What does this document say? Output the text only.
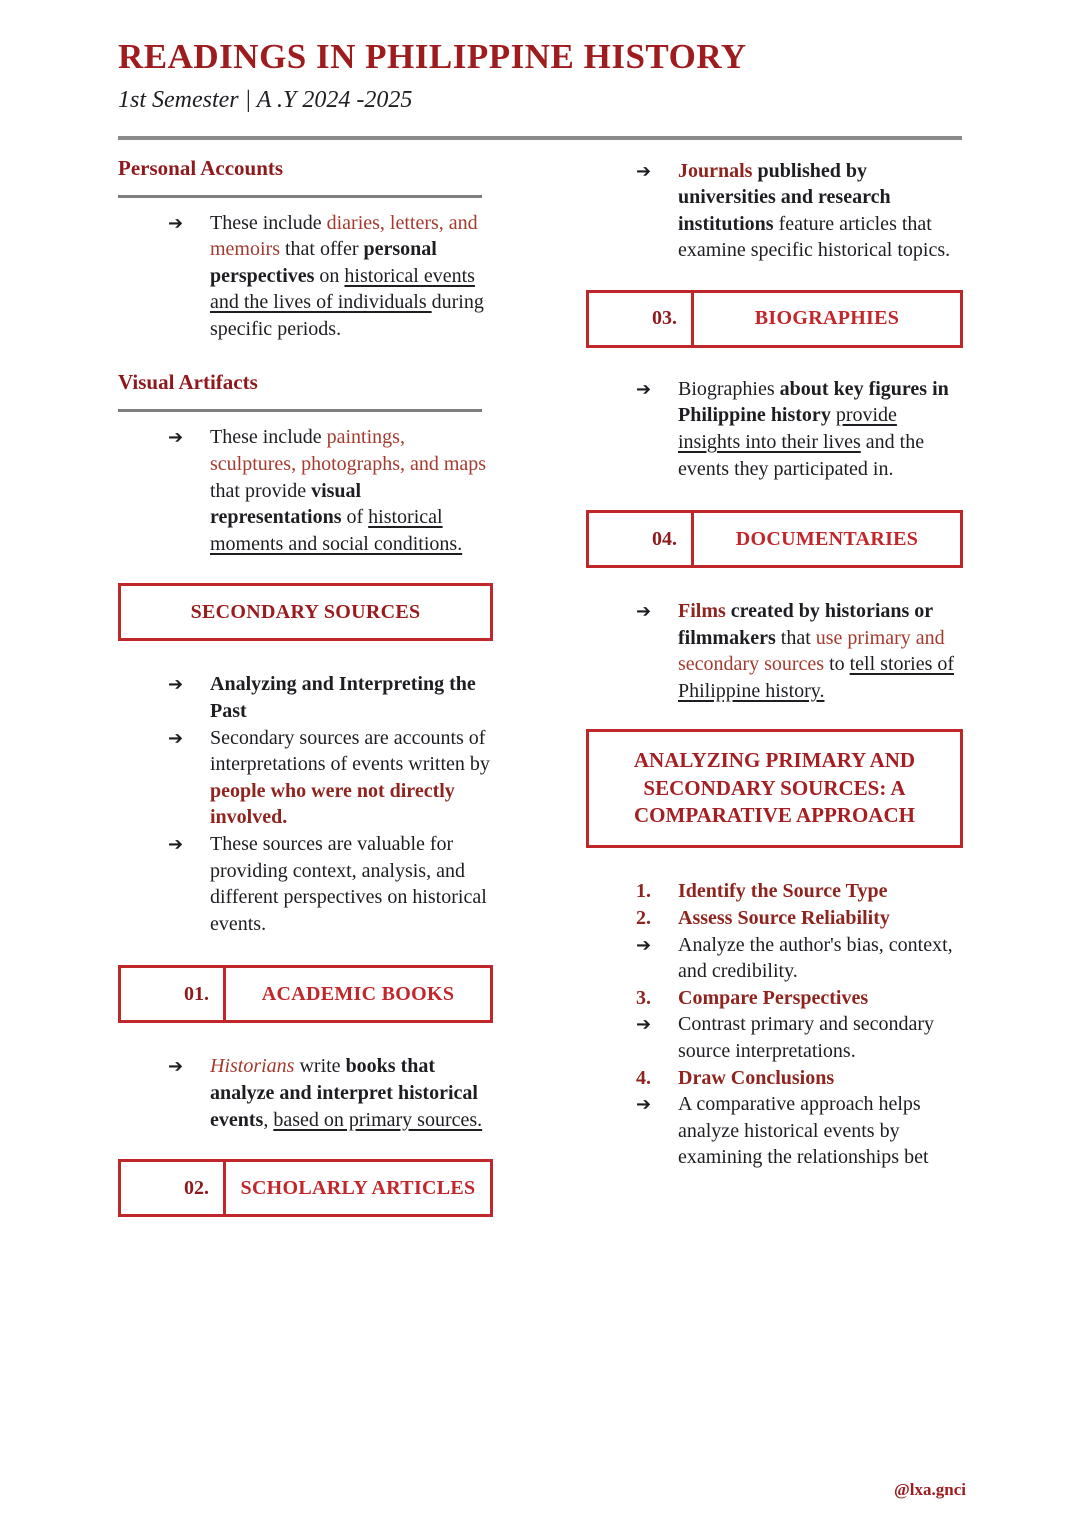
READINGS IN PHILIPPINE HISTORY
1st Semester | A .Y 2024 -2025
Personal Accounts
➔	These include diaries, letters, and memoirs that offer personal perspectives on historical events and the lives of individuals during specific periods.
Visual Artifacts
➔	These include paintings, sculptures, photographs, and maps that provide visual representations of historical moments and social conditions.
SECONDARY SOURCES
➔	Analyzing and Interpreting the Past
➔	Secondary sources are accounts of interpretations of events written by people who were not directly involved.
➔	These sources are valuable for providing context, analysis, and different perspectives on historical events.
01.	ACADEMIC BOOKS
➔	Historians write books that analyze and interpret historical events, based on primary sources.
02.	SCHOLARLY ARTICLES
➔	Journals published by universities and research institutions feature articles that examine specific historical topics.
03.	BIOGRAPHIES
➔	Biographies about key figures in Philippine history provide insights into their lives and the events they participated in.
04.	DOCUMENTARIES
➔	Films created by historians or filmmakers that use primary and secondary sources to tell stories of Philippine history.
ANALYZING PRIMARY AND SECONDARY SOURCES: A COMPARATIVE APPROACH
1.	Identify the Source Type
2.	Assess Source Reliability
➔	Analyze the author's bias, context, and credibility.
3.	Compare Perspectives
➔	Contrast primary and secondary source interpretations.
4.	Draw Conclusions
➔	A comparative approach helps analyze historical events by examining the relationships bet
@lxa.gnci
